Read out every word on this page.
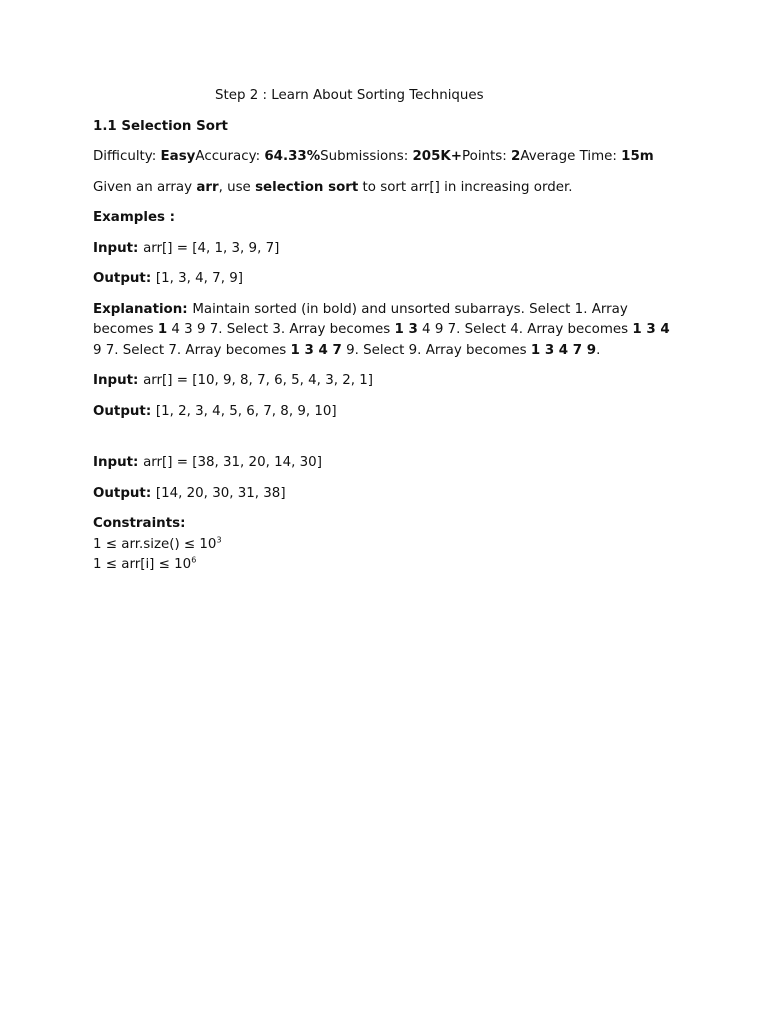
Step 2 : Learn About Sorting Techniques
1.1 Selection Sort

Difficulty: EasyAccuracy: 64.33%Submissions: 205K+Points: 2Average Time: 15m

Given an array arr, use selection sort to sort arr[] in increasing order.

Examples :

Input: arr[] = [4, 1, 3, 9, 7]

Output: [1, 3, 4, 7, 9]

Explanation: Maintain sorted (in bold) and unsorted subarrays. Select 1. Array becomes 1 4 3 9 7. Select 3. Array becomes 1 3 4 9 7. Select 4. Array becomes 1 3 4 9 7. Select 7. Array becomes 1 3 4 7 9. Select 9. Array becomes 1 3 4 7 9.

Input: arr[] = [10, 9, 8, 7, 6, 5, 4, 3, 2, 1]

Output: [1, 2, 3, 4, 5, 6, 7, 8, 9, 10]

Input: arr[] = [38, 31, 20, 14, 30]

Output: [14, 20, 30, 31, 38]

Constraints:

1 ≤ arr.size() ≤ $10^3$

$1 \le arr[i] \le 10^6$
